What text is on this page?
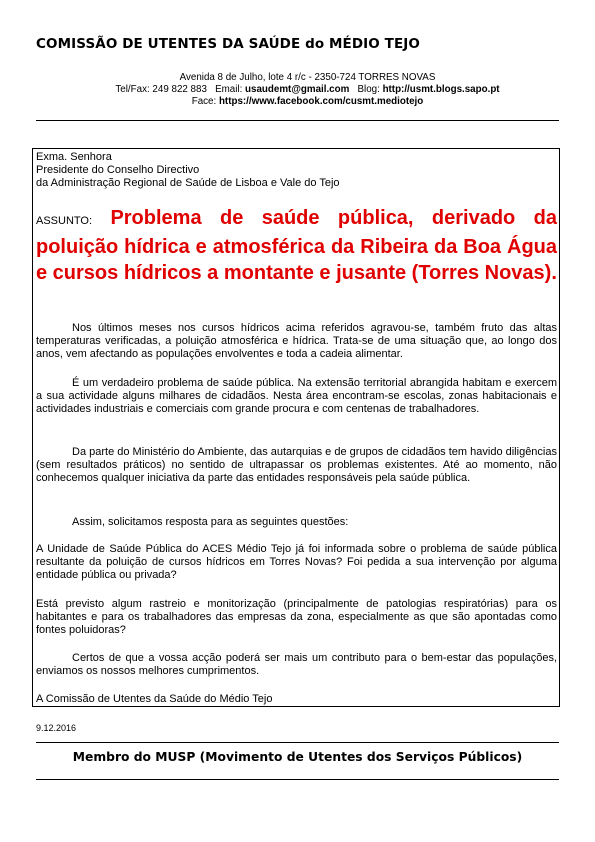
COMISSÃO DE UTENTES DA SAÚDE do MÉDIO TEJO
Avenida 8 de Julho, lote 4 r/c - 2350-724 TORRES NOVAS
Tel/Fax: 249 822 883 Email: usaudemt@gmail.com Blog: http://usmt.blogs.sapo.pt
Face: https://www.facebook.com/cusmt.mediotejo
Exma. Senhora
Presidente do Conselho Directivo
da Administração Regional de Saúde de Lisboa e Vale do Tejo
ASSUNTO: Problema de saúde pública, derivado da poluição hídrica e atmosférica da Ribeira da Boa Água e cursos hídricos a montante e jusante (Torres Novas).
Nos últimos meses nos cursos hídricos acima referidos agravou-se, também fruto das altas temperaturas verificadas, a poluição atmosférica e hídrica. Trata-se de uma situação que, ao longo dos anos, vem afectando as populações envolventes e toda a cadeia alimentar.
É um verdadeiro problema de saúde pública. Na extensão territorial abrangida habitam e exercem a sua actividade alguns milhares de cidadãos. Nesta área encontram-se escolas, zonas habitacionais e actividades industriais e comerciais com grande procura e com centenas de trabalhadores.
Da parte do Ministério do Ambiente, das autarquias e de grupos de cidadãos tem havido diligências (sem resultados práticos) no sentido de ultrapassar os problemas existentes. Até ao momento, não conhecemos qualquer iniciativa da parte das entidades responsáveis pela saúde pública.
Assim, solicitamos resposta para as seguintes questões:
A Unidade de Saúde Pública do ACES Médio Tejo já foi informada sobre o problema de saúde pública resultante da poluição de cursos hídricos em Torres Novas? Foi pedida a sua intervenção por alguma entidade pública ou privada?
Está previsto algum rastreio e monitorização (principalmente de patologias respiratórias) para os habitantes e para os trabalhadores das empresas da zona, especialmente as que são apontadas como fontes poluidoras?
Certos de que a vossa acção poderá ser mais um contributo para o bem-estar das populações, enviamos os nossos melhores cumprimentos.
A Comissão de Utentes da Saúde do Médio Tejo
9.12.2016
Membro do MUSP (Movimento de Utentes dos Serviços Públicos)
